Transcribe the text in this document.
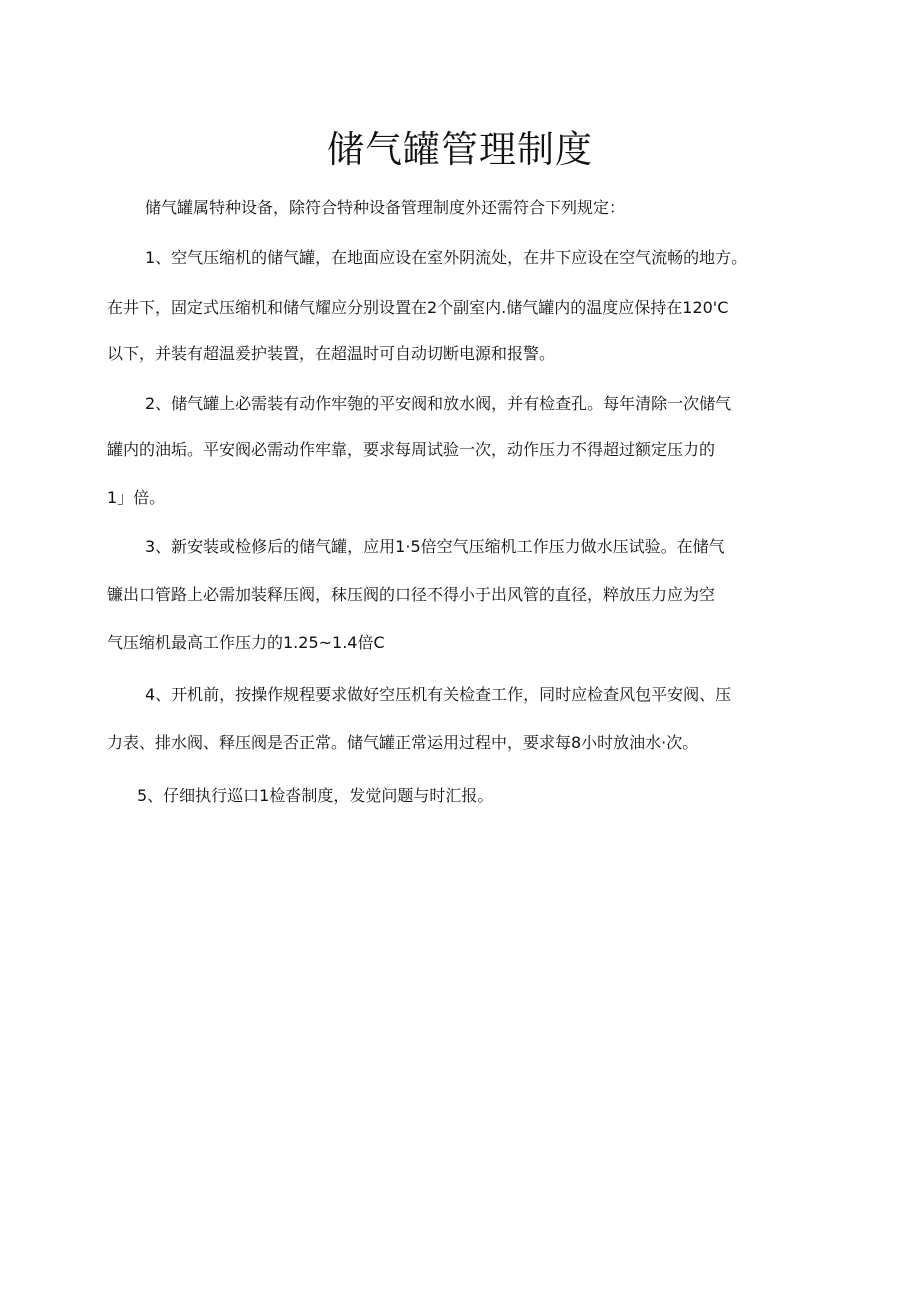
储气罐管理制度
储气罐属特种设备，除符合特种设备管理制度外还需符合下列规定：
1、空气压缩机的储气罐，在地面应设在室外阴流处，在井下应设在空气流畅的地方。
在井下，固定式压缩机和储气耀应分别设置在2个副室内.储气罐内的温度应保持在120'C
以下，并装有超温爰护装置，在超温时可自动切断电源和报警。
2、储气罐上必需装有动作牢匏的平安阀和放水阀，并有检查孔。每年清除一次储气
罐内的油垢。平安阀必需动作牢靠，要求每周试验一次，动作压力不得超过额定压力的
1」倍。
3、新安装或检修后的储气罐，应用1·5倍空气压缩机工作压力做水压试验。在储气
镰出口管路上必需加装释压阀，秣压阀的口径不得小于出风管的直径，粹放压力应为空
气压缩机最高工作压力的1.25~1.4倍C
4、开机前，按操作规程要求做好空压机有关检查工作，同时应检查风包平安阀、压
力表、排水阀、释压阀是否正常。储气罐正常运用过程中，要求每8小时放油水·次。
5、仔细执行巡口1检沓制度，发觉问题与时汇报。
